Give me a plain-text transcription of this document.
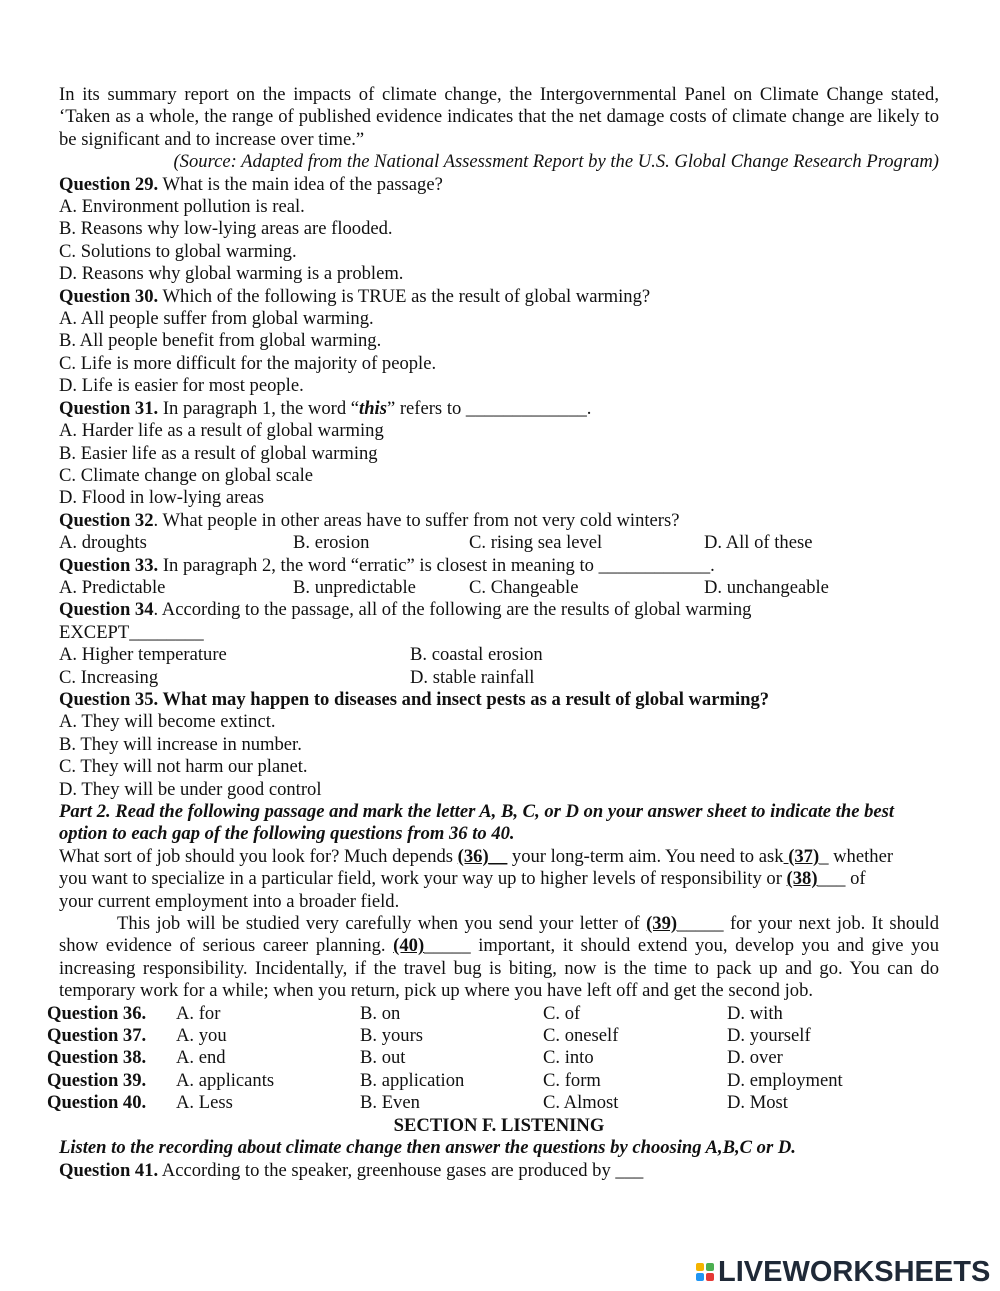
In its summary report on the impacts of climate change, the Intergovernmental Panel on Climate Change stated, ‘Taken as a whole, the range of published evidence indicates that the net damage costs of climate change are likely to be significant and to increase over time.”
(Source: Adapted from the National Assessment Report by the U.S. Global Change Research Program)
Question 29. What is the main idea of the passage?
A. Environment pollution is real.
B. Reasons why low-lying areas are flooded.
C. Solutions to global warming.
D. Reasons why global warming is a problem.
Question 30. Which of the following is TRUE as the result of global warming?
A. All people suffer from global warming.
B. All people benefit from global warming.
C. Life is more difficult for the majority of people.
D. Life is easier for most people.
Question 31. In paragraph 1, the word “this” refers to _____________.
A. Harder life as a result of global warming
B. Easier life as a result of global warming
C. Climate change on global scale
D. Flood in low-lying areas
Question 32. What people in other areas have to suffer from not very cold winters?
A. droughts	B. erosion	C. rising sea level	D. All of these
Question 33. In paragraph 2, the word “erratic” is closest in meaning to ____________.
A. Predictable	B. unpredictable	C. Changeable	D. unchangeable
Question 34. According to the passage, all of the following are the results of global warming
EXCEPT________
A. Higher temperature	B. coastal erosion
C. Increasing	D. stable rainfall
Question 35. What may happen to diseases and insect pests as a result of global warming?
A. They will become extinct.
B. They will increase in number.
C. They will not harm our planet.
D. They will be under good control
Part 2. Read the following passage and mark the letter A, B, C, or D on your answer sheet to indicate the best
option to each gap of the following questions from 36 to 40.
What sort of job should you look for? Much depends (36)__ your long-term aim. You need to ask (37)_ whether
you want to specialize in a particular field, work your way up to higher levels of responsibility or (38)___ of
your current employment into a broader field.
This job will be studied very carefully when you send your letter of (39)_____ for your next job. It should show evidence of serious career planning. (40)_____ important, it should extend you, develop you and give you increasing responsibility. Incidentally, if the travel bug is biting, now is the time to pack up and go. You can do temporary work for a while; when you return, pick up where you have left off and get the second job.
Question 36.	A. for	B. on	C. of	D. with
Question 37.	A. you	B. yours	C. oneself	D. yourself
Question 38.	A. end	B. out	C. into	D. over
Question 39.	A. applicants	B. application	C. form	D. employment
Question 40.	A. Less	B. Even	C. Almost	D. Most
SECTION F. LISTENING
Listen to the recording about climate change then answer the questions by choosing A,B,C or D.
Question 41. According to the speaker, greenhouse gases are produced by ___
LIVEWORKSHEETS
